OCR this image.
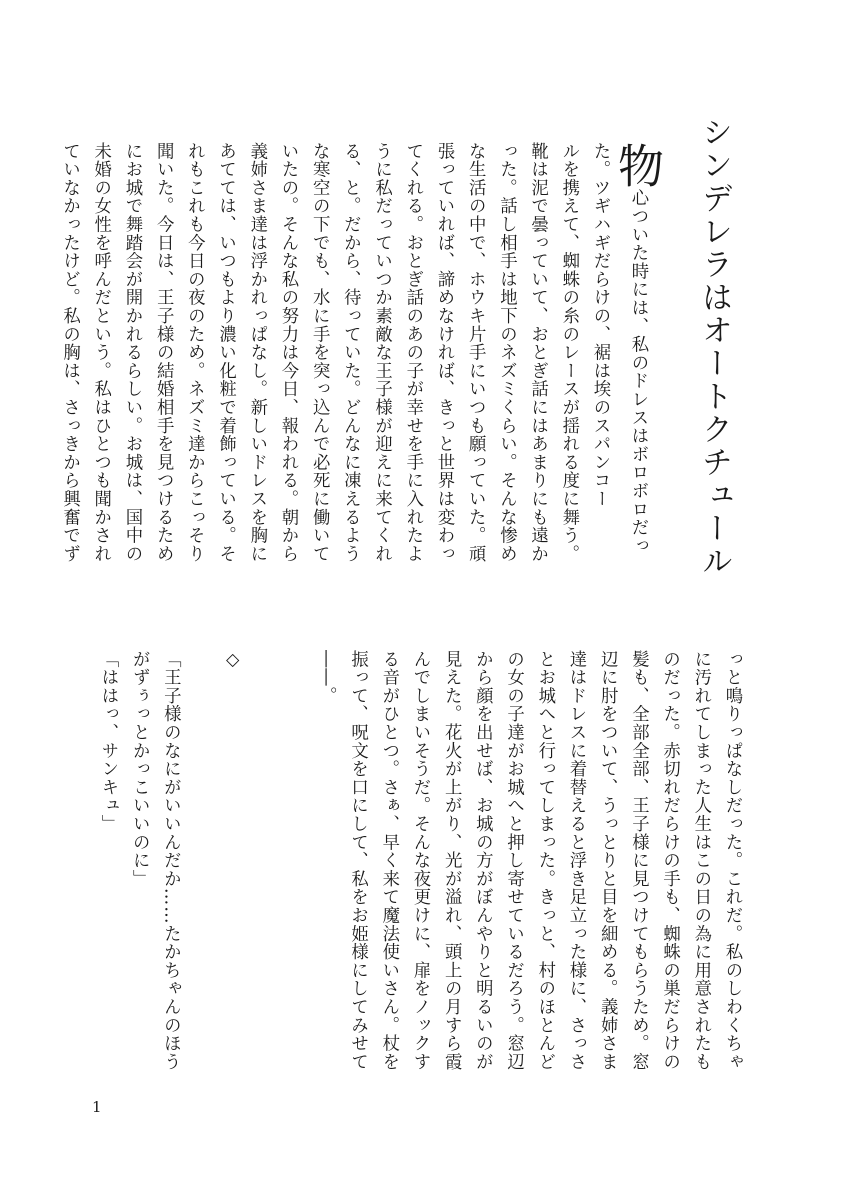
シンデレラはオートクチュール

物心ついた時には、私のドレスはボロボロだっ

た。ツギハギだらけの、裾は埃のスパンコー

ルを携えて、蜘蛛の糸のレースが揺れる度に舞う。

靴は泥で曇っていて、おとぎ話にはあまりにも遠か

った。話し相手は地下のネズミくらい。そんな惨め

な生活の中で、ホウキ片手にいつも願っていた。頑

張っていれば、諦めなければ、きっと世界は変わっ

てくれる。おとぎ話のあの子が幸せを手に入れたよ

うに私だっていつか素敵な王子様が迎えに来てくれ

る、と。だから、待っていた。どんなに凍えるよう

な寒空の下でも、水に手を突っ込んで必死に働いて

いたの。そんな私の努力は今日、報われる。朝から

義姉さま達は浮かれっぱなし。新しいドレスを胸に

あてては、いつもより濃い化粧で着飾っている。そ

れもこれも今日の夜のため。ネズミ達からこっそり

聞いた。今日は、王子様の結婚相手を見つけるため

にお城で舞踏会が開かれるらしい。お城は、国中の

未婚の女性を呼んだという。私はひとつも聞かされ

ていなかったけど。私の胸は、さっきから興奮でず

っと鳴りっぱなしだった。これだ。私のしわくちゃ

に汚れてしまった人生はこの日の為に用意されたも

のだった。赤切れだらけの手も、蜘蛛の巣だらけの

髪も、全部全部、王子様に見つけてもらうため。窓

辺に肘をついて、うっとりと目を細める。義姉さま

達はドレスに着替えると浮き足立った様に、さっさ

とお城へと行ってしまった。きっと、村のほとんど

の女の子達がお城へと押し寄せているだろう。窓辺

から顔を出せば、お城の方がぼんやりと明るいのが

見えた。花火が上がり、光が溢れ、頭上の月すら霞

んでしまいそうだ。そんな夜更けに、扉をノックす

る音がひとつ。さぁ、早く来て魔法使いさん。杖を

振って、呪文を口にして、私をお姫様にしてみせて

――。

◇

「王子様のなにがいいんだか……たかちゃんのほう

がずぅっとかっこいいのに」

「ははっ、サンキュ」

1
